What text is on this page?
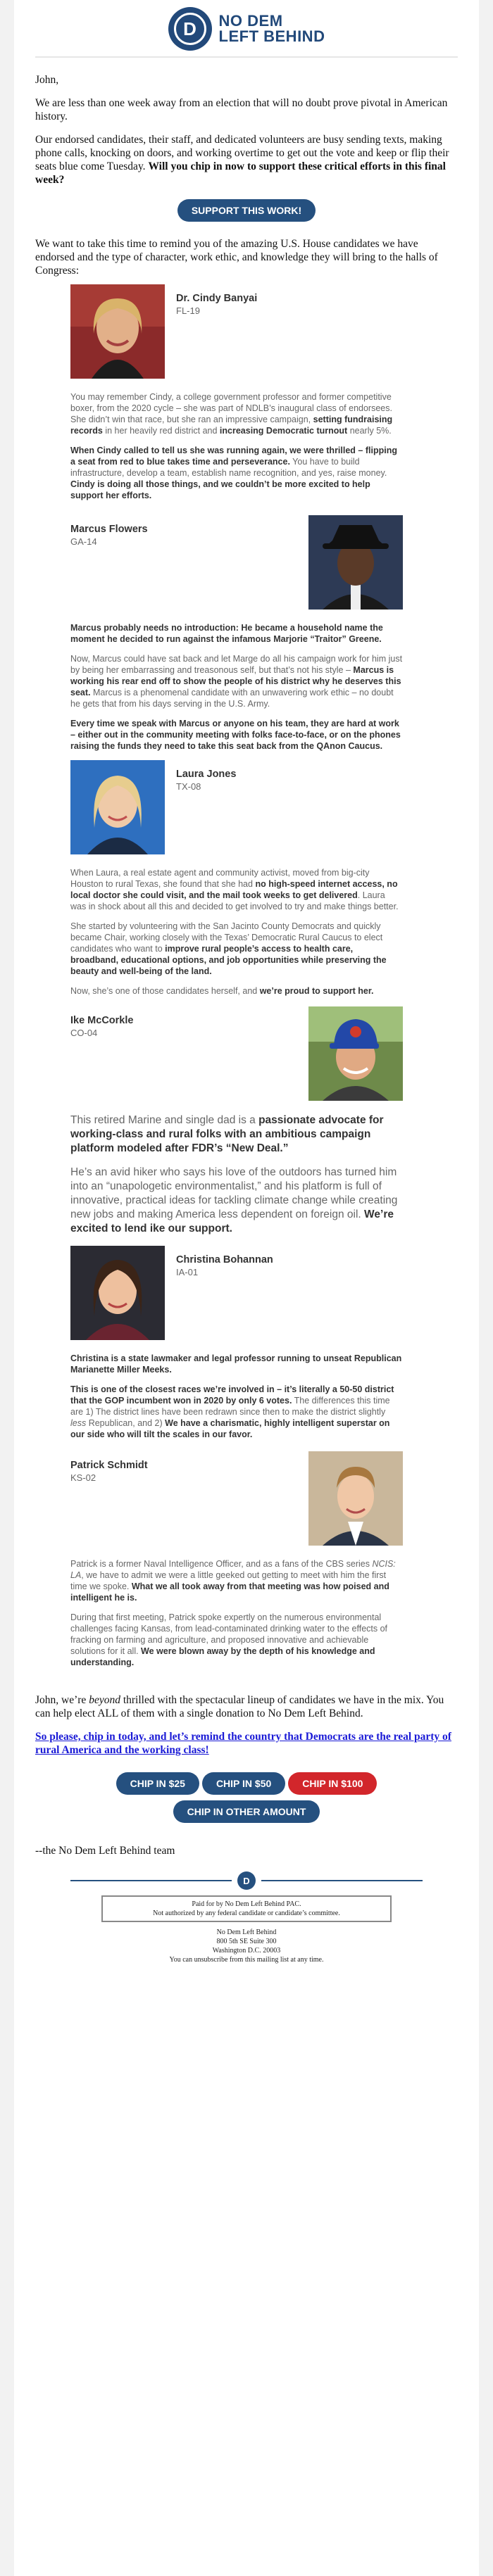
D	NO DEM
LEFT BEHIND

John,

We are less than one week away from an election that will no doubt prove pivotal in American history.

Our endorsed candidates, their staff, and dedicated volunteers are busy sending texts, making phone calls, knocking on doors, and working overtime to get out the vote and keep or flip their seats blue come Tuesday. Will you chip in now to support these critical efforts in this final week?

SUPPORT THIS WORK!

We want to take this time to remind you of the amazing U.S. House candidates we have endorsed and the type of character, work ethic, and knowledge they will bring to the halls of Congress:

Dr. Cindy Banyai
FL-19

You may remember Cindy, a college government professor and former competitive boxer, from the 2020 cycle – she was part of NDLB’s inaugural class of endorsees. She didn’t win that race, but she ran an impressive campaign, setting fundraising records in her heavily red district and increasing Democratic turnout nearly 5%.

When Cindy called to tell us she was running again, we were thrilled – flipping a seat from red to blue takes time and perseverance. You have to build infrastructure, develop a team, establish name recognition, and yes, raise money. Cindy is doing all those things, and we couldn’t be more excited to help support her efforts.

Marcus Flowers
GA-14

Marcus probably needs no introduction: He became a household name the moment he decided to run against the infamous Marjorie “Traitor” Greene.

Now, Marcus could have sat back and let Marge do all his campaign work for him just by being her embarrassing and treasonous self, but that’s not his style – Marcus is working his rear end off to show the people of his district why he deserves this seat. Marcus is a phenomenal candidate with an unwavering work ethic – no doubt he gets that from his days serving in the U.S. Army.

Every time we speak with Marcus or anyone on his team, they are hard at work – either out in the community meeting with folks face-to-face, or on the phones raising the funds they need to take this seat back from the QAnon Caucus.

Laura Jones
TX-08

When Laura, a real estate agent and community activist, moved from big-city Houston to rural Texas, she found that she had no high-speed internet access, no local doctor she could visit, and the mail took weeks to get delivered. Laura was in shock about all this and decided to get involved to try and make things better.

She started by volunteering with the San Jacinto County Democrats and quickly became Chair, working closely with the Texas’ Democratic Rural Caucus to elect candidates who want to improve rural people’s access to health care, broadband, educational options, and job opportunities while preserving the beauty and well-being of the land.

Now, she’s one of those candidates herself, and we’re proud to support her.

Ike McCorkle
CO-04

This retired Marine and single dad is a passionate advocate for working-class and rural folks with an ambitious campaign platform modeled after FDR’s “New Deal.”

He’s an avid hiker who says his love of the outdoors has turned him into an “unapologetic environmentalist,” and his platform is full of innovative, practical ideas for tackling climate change while creating new jobs and making America less dependent on foreign oil. We’re excited to lend ike our support.

Christina Bohannan
IA-01

Christina is a state lawmaker and legal professor running to unseat Republican Marianette Miller Meeks.

This is one of the closest races we’re involved in – it’s literally a 50-50 district that the GOP incumbent won in 2020 by only 6 votes. The differences this time are 1) The district lines have been redrawn since then to make the district slightly less Republican, and 2) We have a charismatic, highly intelligent superstar on our side who will tilt the scales in our favor.

Patrick Schmidt
KS-02

Patrick is a former Naval Intelligence Officer, and as a fans of the CBS series NCIS: LA, we have to admit we were a little geeked out getting to meet with him the first time we spoke. What we all took away from that meeting was how poised and intelligent he is.

During that first meeting, Patrick spoke expertly on the numerous environmental challenges facing Kansas, from lead-contaminated drinking water to the effects of fracking on farming and agriculture, and proposed innovative and achievable solutions for it all. We were blown away by the depth of his knowledge and understanding.

John, we’re beyond thrilled with the spectacular lineup of candidates we have in the mix. You can help elect ALL of them with a single donation to No Dem Left Behind.

So please, chip in today, and let’s remind the country that Democrats are the real party of rural America and the working class!

CHIP IN $25	CHIP IN $50	CHIP IN $100
CHIP IN OTHER AMOUNT

--the No Dem Left Behind team

D
Paid for by No Dem Left Behind PAC.
Not authorized by any federal candidate or candidate’s committee.
No Dem Left Behind
800 5th SE Suite 300
Washington D.C. 20003
You can unsubscribe from this mailing list at any time.
